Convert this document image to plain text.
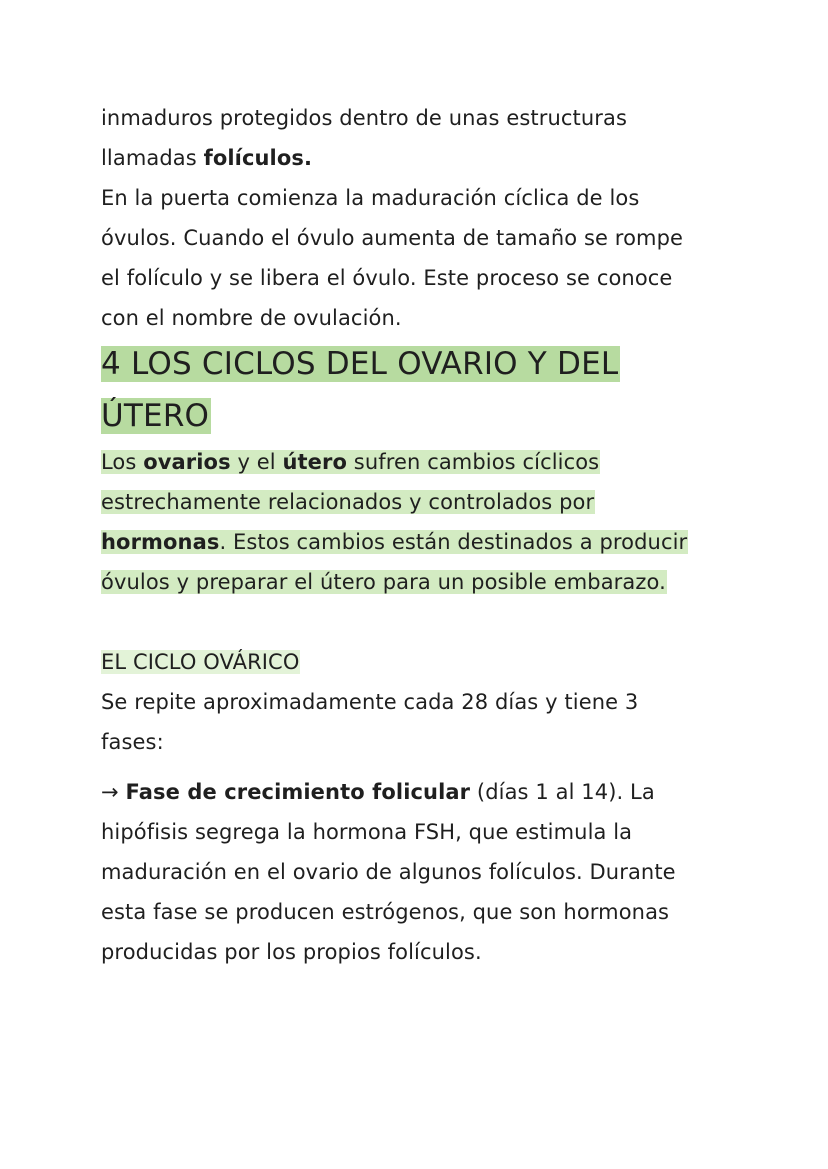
inmaduros protegidos dentro de unas estructuras

llamadas folículos.

En la puerta comienza la maduración cíclica de los

óvulos. Cuando el óvulo aumenta de tamaño se rompe

el folículo y se libera el óvulo. Este proceso se conoce

con el nombre de ovulación.

4 LOS CICLOS DEL OVARIO Y DEL

ÚTERO

Los ovarios y el útero sufren cambios cíclicos

estrechamente relacionados y controlados por

hormonas. Estos cambios están destinados a producir

óvulos y preparar el útero para un posible embarazo.

EL CICLO OVÁRICO

Se repite aproximadamente cada 28 días y tiene 3

fases:

→ Fase de crecimiento folicular (días 1 al 14). La

hipófisis segrega la hormona FSH, que estimula la

maduración en el ovario de algunos folículos. Durante

esta fase se producen estrógenos, que son hormonas

producidas por los propios folículos.
